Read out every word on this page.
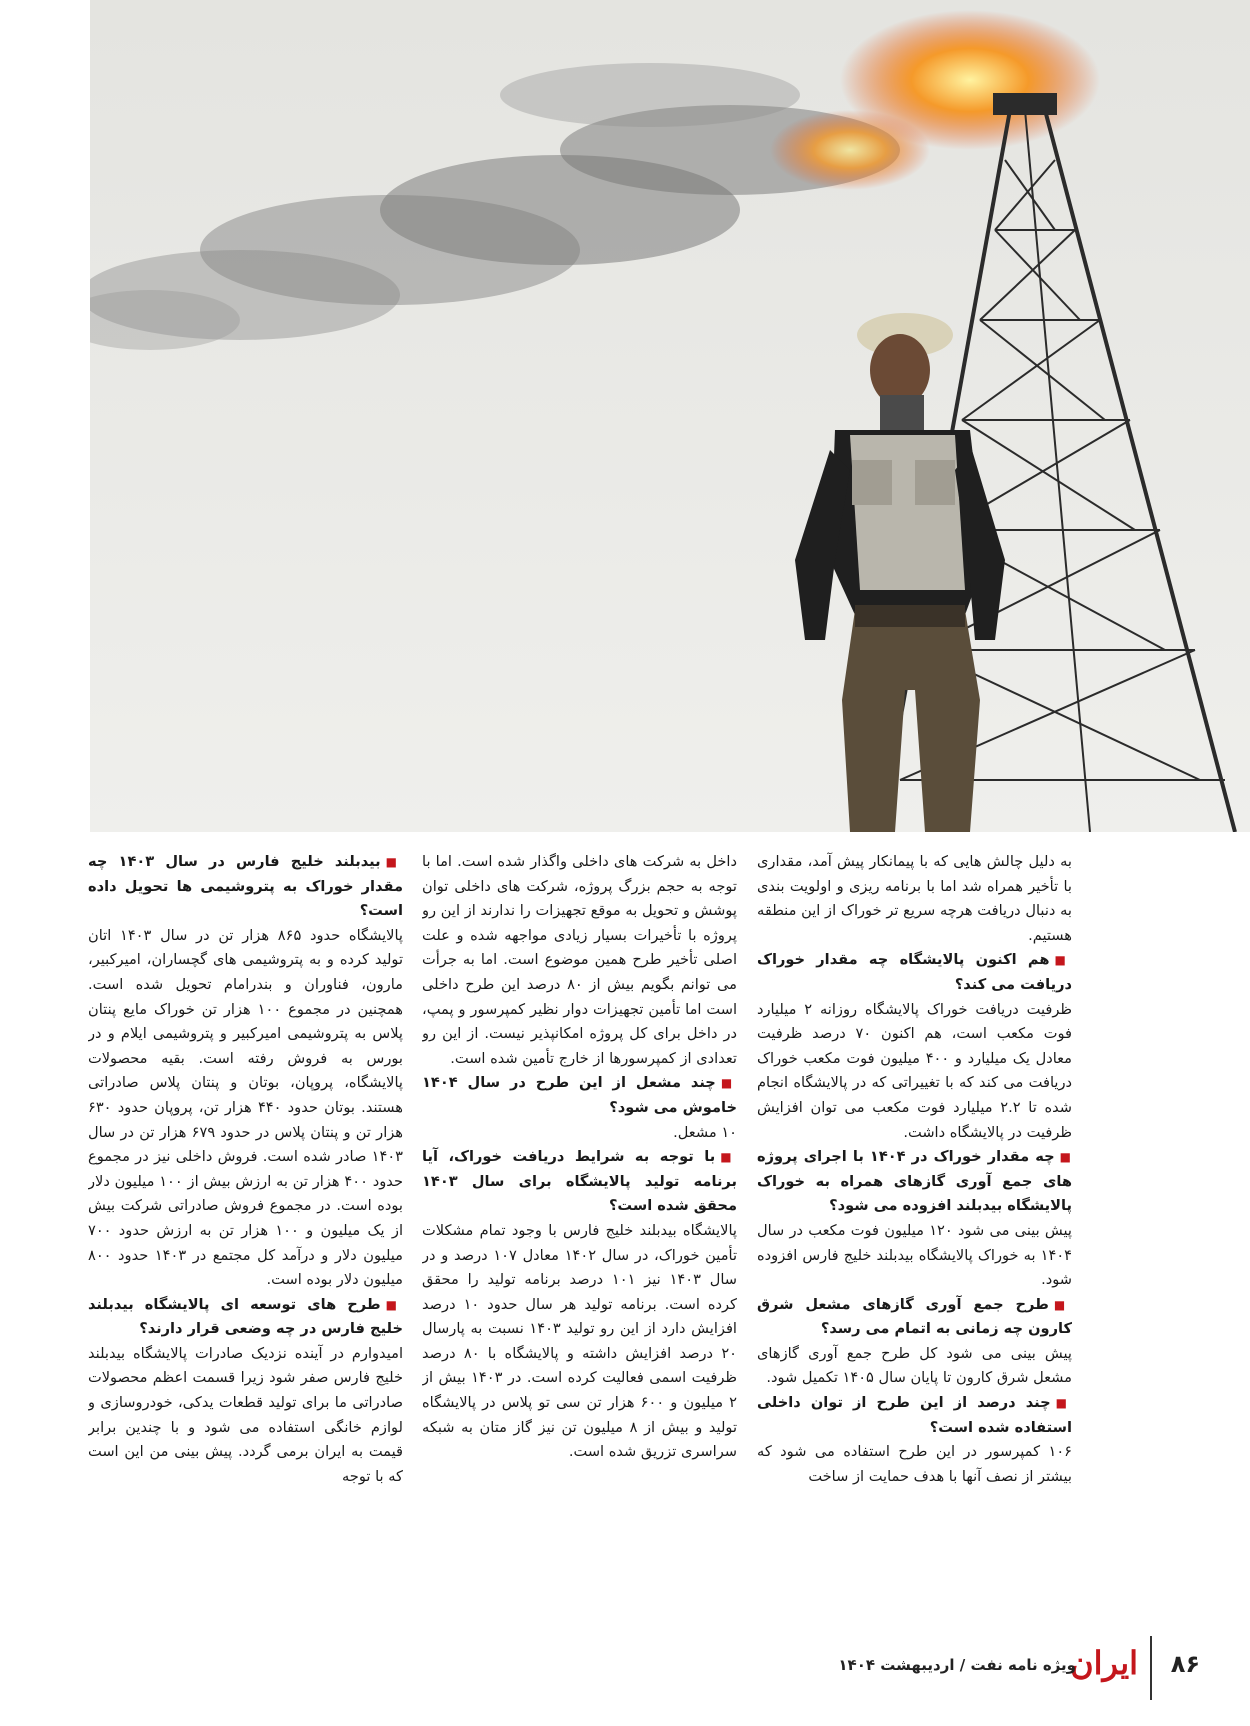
به دلیل چالش هایی که با پیمانکار پیش آمد، مقداری با تأخیر همراه شد اما با برنامه ریزی و اولویت بندی به دنبال دریافت هرچه سریع تر خوراک از این منطقه هستیم.

■هم اکنون پالایشگاه چه مقدار خوراک دریافت می کند؟

ظرفیت دریافت خوراک پالایشگاه روزانه ۲ میلیارد فوت مکعب است، هم اکنون ۷۰ درصد ظرفیت معادل یک میلیارد و ۴۰۰ میلیون فوت مکعب خوراک دریافت می کند که با تغییراتی که در پالایشگاه انجام شده تا ۲.۲ میلیارد فوت مکعب می توان افزایش ظرفیت در پالایشگاه داشت.

■چه مقدار خوراک در ۱۴۰۴ با اجرای پروژه های جمع آوری گازهای همراه به خوراک پالایشگاه بیدبلند افزوده می شود؟

پیش بینی می شود ۱۲۰ میلیون فوت مکعب در سال ۱۴۰۴ به خوراک پالایشگاه بیدبلند خلیج فارس افزوده شود.

■طرح جمع آوری گازهای مشعل شرق کارون چه زمانی به اتمام می رسد؟

پیش بینی می شود کل طرح جمع آوری گازهای مشعل شرق کارون تا پایان سال ۱۴۰۵ تکمیل شود.

■چند درصد از این طرح از توان داخلی استفاده شده است؟

۱۰۶ کمپرسور در این طرح استفاده می شود که بیشتر از نصف آنها با هدف حمایت از ساخت

داخل به شرکت های داخلی واگذار شده است. اما با توجه به حجم بزرگ پروژه، شرکت های داخلی توان پوشش و تحویل به موقع تجهیزات را ندارند از این رو پروژه با تأخیرات بسیار زیادی مواجهه شده و علت اصلی تأخیر طرح همین موضوع است. اما به جرأت می توانم بگویم بیش از ۸۰ درصد این طرح داخلی است اما تأمین تجهیزات دوار نظیر کمپرسور و پمپ، در داخل برای کل پروژه امکانپذیر نیست. از این رو تعدادی از کمپرسورها از خارج تأمین شده است.

■چند مشعل از این طرح در سال ۱۴۰۴ خاموش می شود؟

۱۰ مشعل.

■با توجه به شرایط دریافت خوراک، آیا برنامه تولید پالایشگاه برای سال ۱۴۰۳ محقق شده است؟

پالایشگاه بیدبلند خلیج فارس با وجود تمام مشکلات تأمین خوراک، در سال ۱۴۰۲ معادل ۱۰۷ درصد و در سال ۱۴۰۳ نیز ۱۰۱ درصد برنامه تولید را محقق کرده است. برنامه تولید هر سال حدود ۱۰ درصد افزایش دارد از این رو تولید ۱۴۰۳ نسبت به پارسال ۲۰ درصد افزایش داشته و پالایشگاه با ۸۰ درصد ظرفیت اسمی فعالیت کرده است. در ۱۴۰۳ بیش از ۲ میلیون و ۶۰۰ هزار تن سی تو پلاس در پالایشگاه تولید و بیش از ۸ میلیون تن نیز گاز متان به شبکه سراسری تزریق شده است.

■بیدبلند خلیج فارس در سال ۱۴۰۳ چه مقدار خوراک به پتروشیمی ها تحویل داده است؟

پالایشگاه حدود ۸۶۵ هزار تن در سال ۱۴۰۳ اتان تولید کرده و به پتروشیمی های گچساران، امیرکبیر، مارون، فناوران و بندرامام تحویل شده است. همچنین در مجموع ۱۰۰ هزار تن خوراک مایع پنتان پلاس به پتروشیمی امیرکبیر و پتروشیمی ایلام و در بورس به فروش رفته است. بقیه محصولات پالایشگاه، پروپان، بوتان و پنتان پلاس صادراتی هستند. بوتان حدود ۴۴۰ هزار تن، پروپان حدود ۶۳۰ هزار تن و پنتان پلاس در حدود ۶۷۹ هزار تن در سال ۱۴۰۳ صادر شده است. فروش داخلی نیز در مجموع حدود ۴۰۰ هزار تن به ارزش بیش از ۱۰۰ میلیون دلار بوده است. در مجموع فروش صادراتی شرکت بیش از یک میلیون و ۱۰۰ هزار تن به ارزش حدود ۷۰۰ میلیون دلار و درآمد کل مجتمع در ۱۴۰۳ حدود ۸۰۰ میلیون دلار بوده است.

■طرح های توسعه ای پالایشگاه بیدبلند خلیج فارس در چه وضعی قرار دارند؟

امیدوارم در آینده نزدیک صادرات پالایشگاه بیدبلند خلیج فارس صفر شود زیرا قسمت اعظم محصولات صادراتی ما برای تولید قطعات یدکی، خودروسازی و لوازم خانگی استفاده می شود و با چندین برابر قیمت به ایران برمی گردد. پیش بینی من این است که با توجه

۸۶
ایران
ویژه نامه نفت / اردیبهشت ۱۴۰۴
